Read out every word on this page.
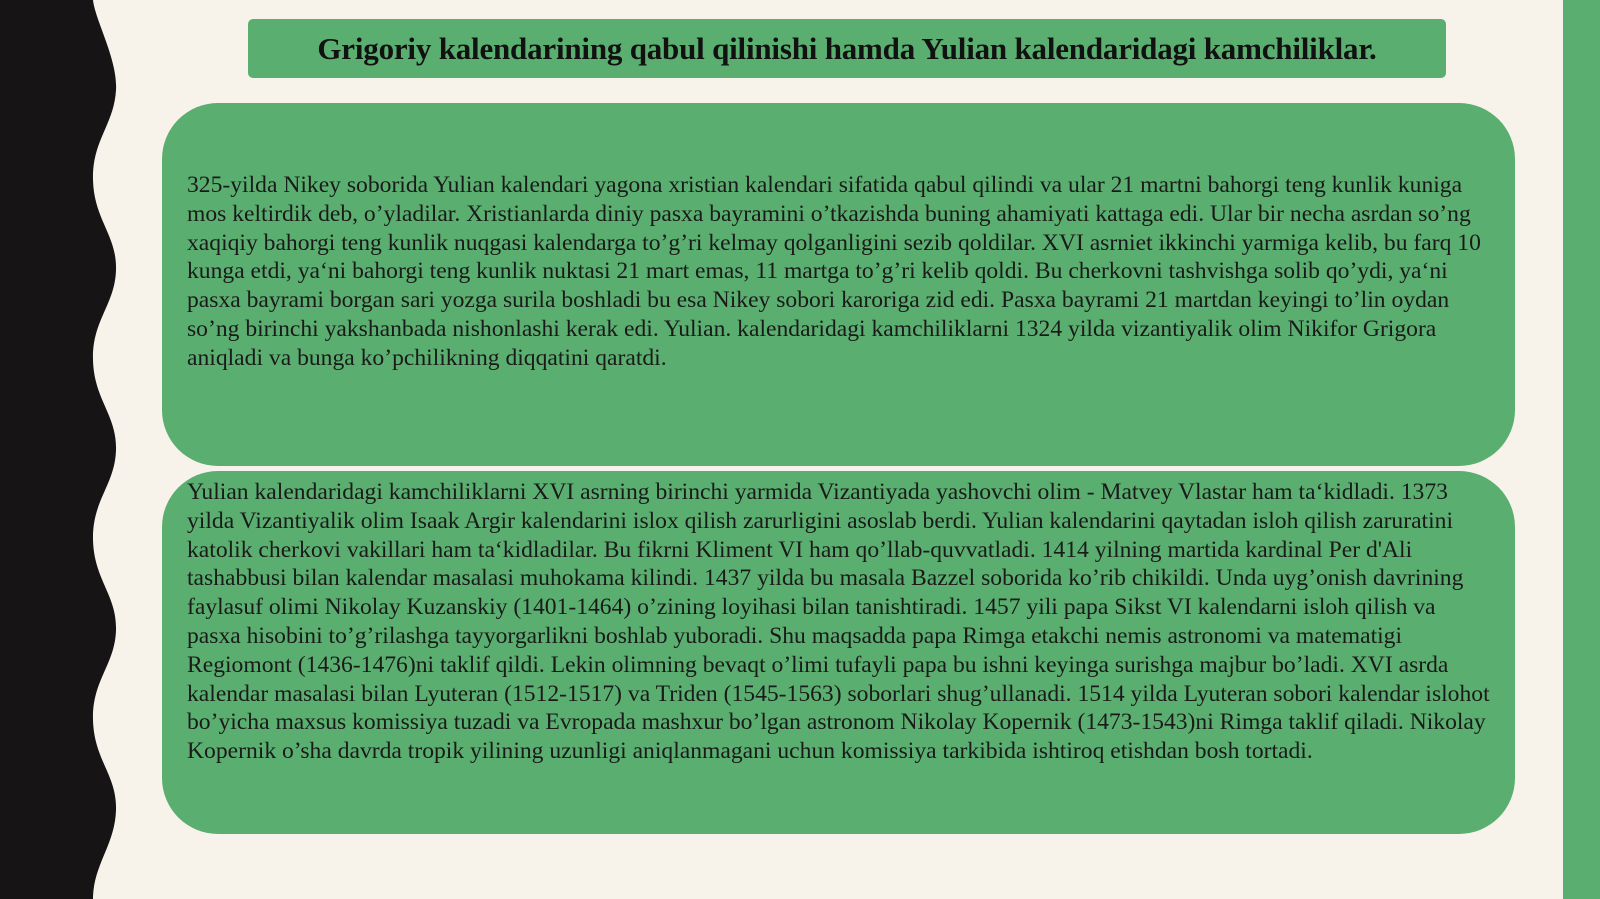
Grigoriy kalendarining qabul qilinishi hamda Yulian kalendaridagi kamchiliklar.

325-yilda Nikey soborida Yulian kalendari yagona xristian kalendari sifatida qabul qilindi va ular 21 martni bahorgi teng kunlik kuniga mos keltirdik deb, o’yladilar. Xristianlarda diniy pasxa bayramini o’tkazishda buning ahamiyati kattaga edi. Ular bir necha asrdan so’ng xaqiqiy bahorgi teng kunlik nuqgasi kalendarga to’g’ri kelmay qolganligini sezib qoldilar. XVI asrniet ikkinchi yarmiga kelib, bu farq 10 kunga etdi, ya‘ni bahorgi teng kunlik nuktasi 21 mart emas, 11 martga to’g’ri kelib qoldi. Bu cherkovni tashvishga solib qo’ydi, ya‘ni pasxa bayrami borgan sari yozga surila boshladi bu esa Nikey sobori karoriga zid edi. Pasxa bayrami 21 martdan keyingi to’lin oydan so’ng birinchi yakshanbada nishonlashi kerak edi. Yulian. kalendaridagi kamchiliklarni 1324 yilda vizantiyalik olim Nikifor Grigora aniqladi va bunga ko’pchilikning diqqatini qaratdi.

Yulian kalendaridagi kamchiliklarni XVI asrning birinchi yarmida Vizantiyada yashovchi olim - Matvey Vlastar ham ta‘kidladi. 1373 yilda Vizantiyalik olim Isaak Argir kalendarini islox qilish zarurligini asoslab berdi. Yulian kalendarini qaytadan isloh qilish zaruratini katolik cherkovi vakillari ham ta‘kidladilar. Bu fikrni Kliment VI ham qo’llab-quvvatladi. 1414 yilning martida kardinal Per d'Ali tashabbusi bilan kalendar masalasi muhokama kilindi. 1437 yilda bu masala Bazzel soborida ko’rib chikildi. Unda uyg’onish davrining faylasuf olimi Nikolay Kuzanskiy (1401-1464) o’zining loyihasi bilan tanishtiradi. 1457 yili papa Sikst VI kalendarni isloh qilish va pasxa hisobini to’g’rilashga tayyorgarliknі boshlab yuboradi. Shu maqsadda papa Rimga etakchi nemis astronomi va matematigi Regiomont (1436-1476)ni taklif qildi. Lekin olimning bevaqt o’limi tufayli papa bu ishni keyinga surishga majbur bo’ladi. XVI asrda kalendar masalasi bilan Lyuteran (1512-1517) va Triden (1545-1563) soborlari shug’ullanadi. 1514 yilda Lyuteran sobori kalendar islohot bo’yicha maxsus komissiya tuzadi va Evropada mashxur bo’lgan astronom Nikolay Kopernik (1473-1543)ni Rimga taklif qiladi. Nikolay Kopernik o’sha davrda tropik yilining uzunligi aniqlanmagani uchun komissiya tarkibida ishtiroq etishdan bosh tortadi.
